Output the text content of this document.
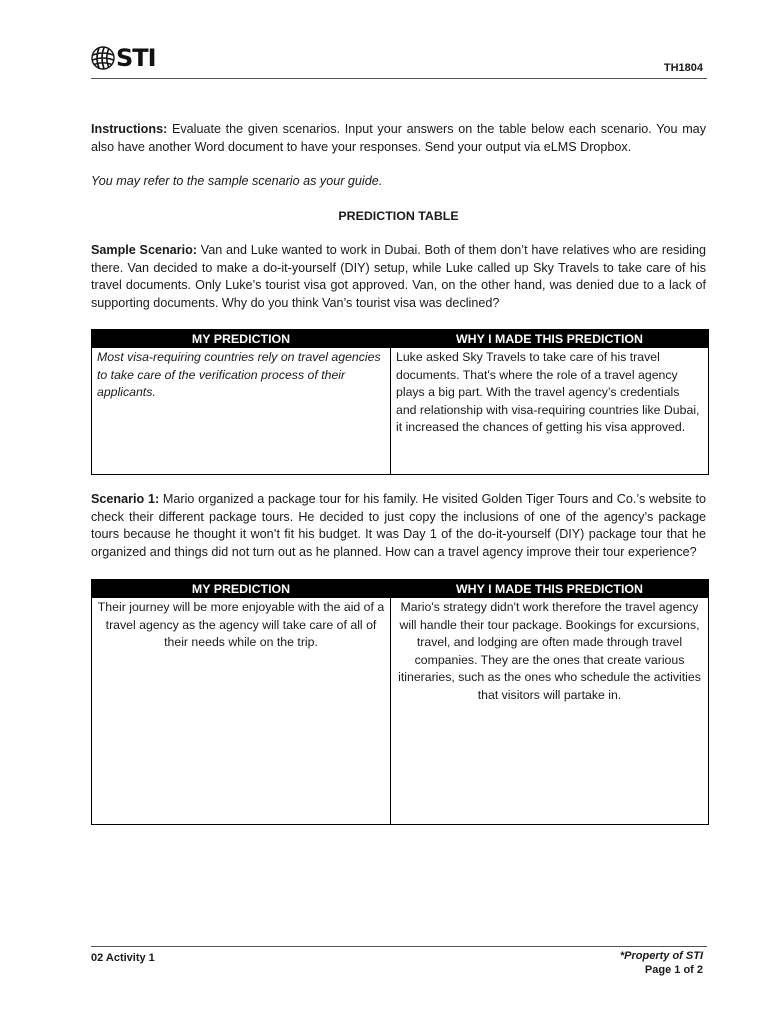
STI	TH1804
Instructions: Evaluate the given scenarios. Input your answers on the table below each scenario. You may also have another Word document to have your responses. Send your output via eLMS Dropbox.
You may refer to the sample scenario as your guide.
PREDICTION TABLE
Sample Scenario: Van and Luke wanted to work in Dubai. Both of them don’t have relatives who are residing there. Van decided to make a do-it-yourself (DIY) setup, while Luke called up Sky Travels to take care of his travel documents. Only Luke’s tourist visa got approved. Van, on the other hand, was denied due to a lack of supporting documents. Why do you think Van’s tourist visa was declined?
MY PREDICTION	WHY I MADE THIS PREDICTION
Most visa-requiring countries rely on travel agencies to take care of the verification process of their applicants.	Luke asked Sky Travels to take care of his travel documents. That's where the role of a travel agency plays a big part. With the travel agency’s credentials and relationship with visa-requiring countries like Dubai, it increased the chances of getting his visa approved.
Scenario 1: Mario organized a package tour for his family. He visited Golden Tiger Tours and Co.’s website to check their different package tours. He decided to just copy the inclusions of one of the agency’s package tours because he thought it won’t fit his budget. It was Day 1 of the do-it-yourself (DIY) package tour that he organized and things did not turn out as he planned. How can a travel agency improve their tour experience?
MY PREDICTION	WHY I MADE THIS PREDICTION
Their journey will be more enjoyable with the aid of a travel agency as the agency will take care of all of their needs while on the trip.	Mario's strategy didn't work therefore the travel agency will handle their tour package. Bookings for excursions, travel, and lodging are often made through travel companies. They are the ones that create various itineraries, such as the ones who schedule the activities that visitors will partake in.
02 Activity 1	*Property of STI
Page 1 of 2
